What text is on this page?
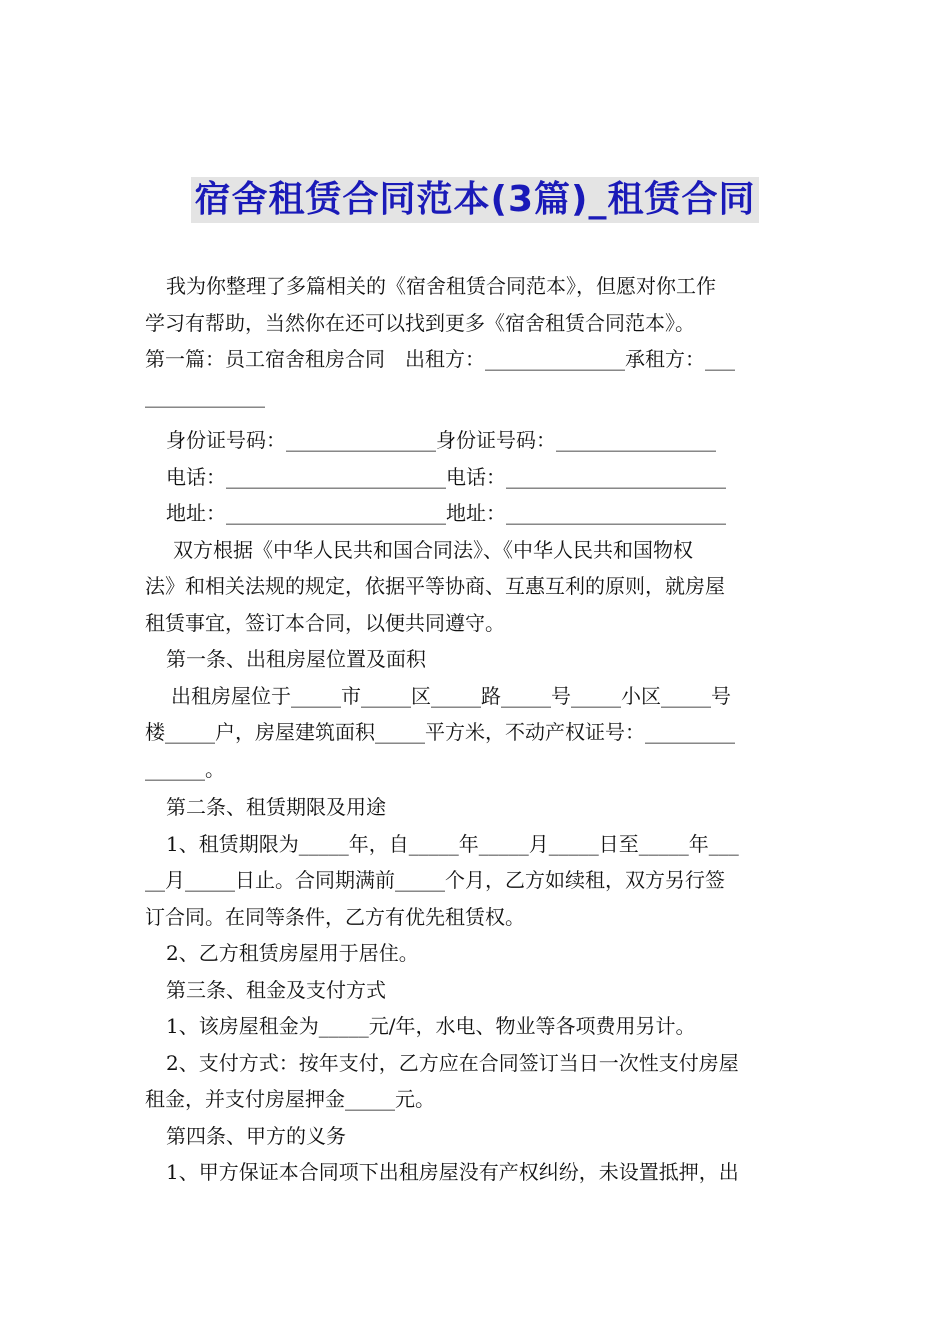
宿舍租赁合同范本(3篇)_租赁合同
我为你整理了多篇相关的《宿舍租赁合同范本》，但愿对你工作
学习有帮助，当然你在还可以找到更多《宿舍租赁合同范本》。
第一篇：员工宿舍租房合同　出租方：______________承租方：___
____________
身份证号码：_______________身份证号码：________________
电话：______________________电话：______________________
地址：______________________地址：______________________
双方根据《中华人民共和国合同法》、《中华人民共和国物权
法》和相关法规的规定，依据平等协商、互惠互利的原则，就房屋
租赁事宜，签订本合同，以便共同遵守。
第一条、出租房屋位置及面积
出租房屋位于_____市_____区_____路_____号_____小区_____号
楼_____户，房屋建筑面积_____平方米，不动产权证号：_________
______。
第二条、租赁期限及用途
1、租赁期限为_____年，自_____年_____月_____日至_____年___
__月_____日止。合同期满前_____个月，乙方如续租，双方另行签
订合同。在同等条件，乙方有优先租赁权。
2、乙方租赁房屋用于居住。
第三条、租金及支付方式
1、该房屋租金为_____元/年，水电、物业等各项费用另计。
2、支付方式：按年支付，乙方应在合同签订当日一次性支付房屋
租金，并支付房屋押金_____元。
第四条、甲方的义务
1、甲方保证本合同项下出租房屋没有产权纠纷，未设置抵押，出
